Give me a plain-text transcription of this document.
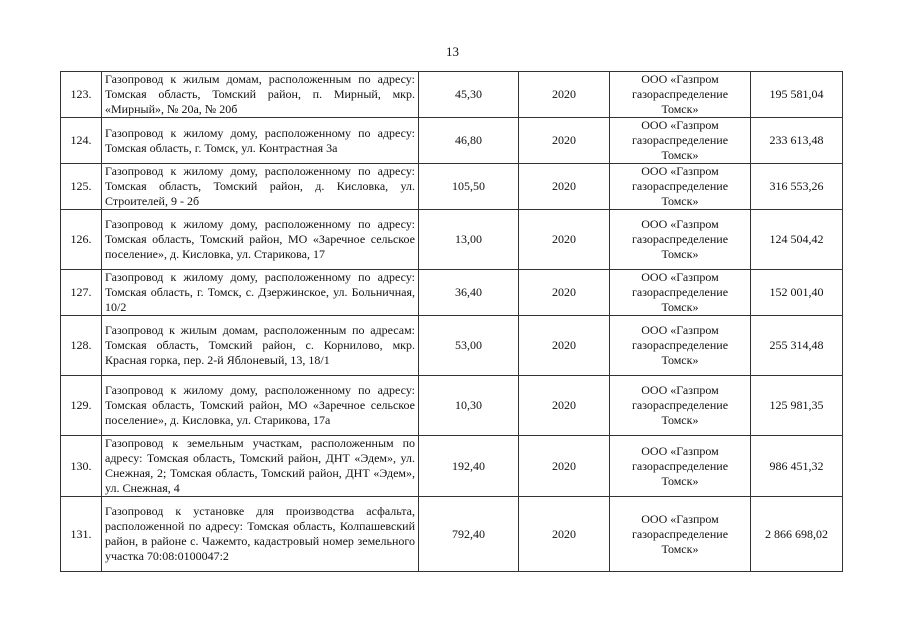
13
123.	Газопровод к жилым домам, расположенным по адресу: Томская область, Томский район, п. Мирный, мкр. «Мирный», № 20а, № 20б	45,30	2020	ООО «Газпром
газораспределение
Томск»	195 581,04
124.	Газопровод к жилому дому, расположенному по адресу: Томская область, г. Томск, ул. Контрастная 3а	46,80	2020	ООО «Газпром
газораспределение
Томск»	233 613,48
125.	Газопровод к жилому дому, расположенному по адресу: Томская область, Томский район, д. Кисловка, ул. Строителей, 9 - 2б	105,50	2020	ООО «Газпром
газораспределение
Томск»	316 553,26
126.	Газопровод к жилому дому, расположенному по адресу: Томская область, Томский район, МО «Заречное сельское поселение», д. Кисловка, ул. Старикова, 17	13,00	2020	ООО «Газпром
газораспределение
Томск»	124 504,42
127.	Газопровод к жилому дому, расположенному по адресу: Томская область, г. Томск, с. Дзержинское, ул. Больничная, 10/2	36,40	2020	ООО «Газпром
газораспределение
Томск»	152 001,40
128.	Газопровод к жилым домам, расположенным по адресам: Томская область, Томский район, с. Корнилово, мкр. Красная горка, пер. 2-й Яблоневый, 13, 18/1	53,00	2020	ООО «Газпром
газораспределение
Томск»	255 314,48
129.	Газопровод к жилому дому, расположенному по адресу: Томская область, Томский район, МО «Заречное сельское поселение», д. Кисловка, ул. Старикова, 17а	10,30	2020	ООО «Газпром
газораспределение
Томск»	125 981,35
130.	Газопровод к земельным участкам, расположенным по адресу: Томская область, Томский район, ДНТ «Эдем», ул. Снежная, 2; Томская область, Томский район, ДНТ «Эдем», ул. Снежная, 4	192,40	2020	ООО «Газпром
газораспределение
Томск»	986 451,32
131.	Газопровод к установке для производства асфальта, расположенной по адресу: Томская область, Колпашевский район, в районе с. Чажемто, кадастровый номер земельного участка 70:08:0100047:2	792,40	2020	ООО «Газпром
газораспределение
Томск»	2 866 698,02
